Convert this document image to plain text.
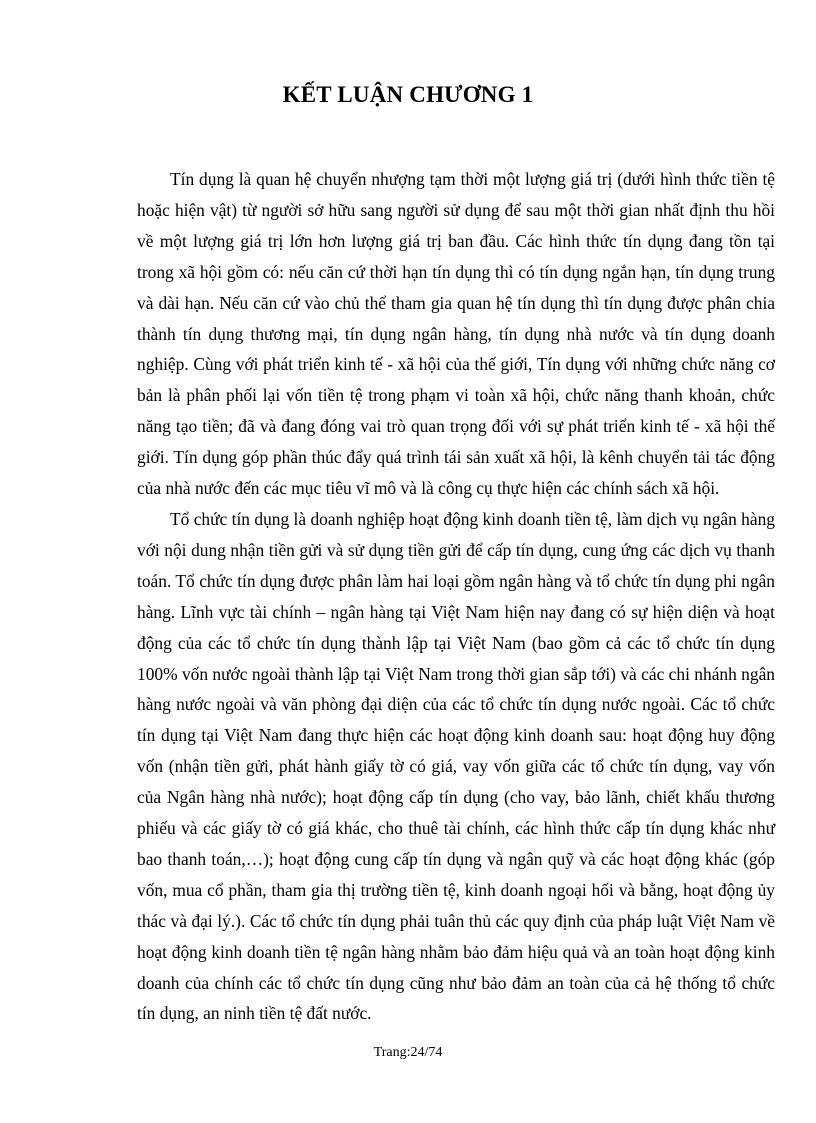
KẾT LUẬN CHƯƠNG 1

Tín dụng là quan hệ chuyển nhượng tạm thời một lượng giá trị (dưới hình thức tiền tệ hoặc hiện vật) từ người sở hữu sang người sử dụng để sau một thời gian nhất định thu hồi về một lượng giá trị lớn hơn lượng giá trị ban đầu. Các hình thức tín dụng đang tồn tại trong xã hội gồm có: nếu căn cứ thời hạn tín dụng thì có tín dụng ngắn hạn, tín dụng trung và dài hạn. Nếu căn cứ vào chủ thể tham gia quan hệ tín dụng thì tín dụng được phân chia thành tín dụng thương mại, tín dụng ngân hàng, tín dụng nhà nước và tín dụng doanh nghiệp. Cùng với phát triển kinh tế - xã hội của thế giới, Tín dụng với những chức năng cơ bản là phân phối lại vốn tiền tệ trong phạm vi toàn xã hội, chức năng thanh khoản, chức năng tạo tiền; đã và đang đóng vai trò quan trọng đối với sự phát triển kinh tế - xã hội thế giới. Tín dụng góp phần thúc đẩy quá trình tái sản xuất xã hội, là kênh chuyển tải tác động của nhà nước đến các mục tiêu vĩ mô và là công cụ thực hiện các chính sách xã hội.

Tổ chức tín dụng là doanh nghiệp hoạt động kinh doanh tiền tệ, làm dịch vụ ngân hàng với nội dung nhận tiền gửi và sử dụng tiền gửi để cấp tín dụng, cung ứng các dịch vụ thanh toán. Tổ chức tín dụng được phân làm hai loại gồm ngân hàng và tổ chức tín dụng phi ngân hàng. Lĩnh vực tài chính – ngân hàng tại Việt Nam hiện nay đang có sự hiện diện và hoạt động của các tổ chức tín dụng thành lập tại Việt Nam (bao gồm cả các tổ chức tín dụng 100% vốn nước ngoài thành lập tại Việt Nam trong thời gian sắp tới) và các chi nhánh ngân hàng nước ngoài và văn phòng đại diện của các tổ chức tín dụng nước ngoài. Các tổ chức tín dụng tại Việt Nam đang thực hiện các hoạt động kinh doanh sau: hoạt động huy động vốn (nhận tiền gửi, phát hành giấy tờ có giá, vay vốn giữa các tổ chức tín dụng, vay vốn của Ngân hàng nhà nước); hoạt động cấp tín dụng (cho vay, bảo lãnh, chiết khấu thương phiếu và các giấy tờ có giá khác, cho thuê tài chính, các hình thức cấp tín dụng khác như bao thanh toán,…); hoạt động cung cấp tín dụng và ngân quỹ và các hoạt động khác (góp vốn, mua cổ phần, tham gia thị trường tiền tệ, kinh doanh ngoại hối và bằng, hoạt động ủy thác và đại lý.). Các tổ chức tín dụng phải tuân thủ các quy định của pháp luật Việt Nam về hoạt động kinh doanh tiền tệ ngân hàng nhằm bảo đảm hiệu quả và an toàn hoạt động kinh doanh của chính các tổ chức tín dụng cũng như bảo đảm an toàn của cả hệ thống tổ chức tín dụng, an ninh tiền tệ đất nước.

Trang:24/74
